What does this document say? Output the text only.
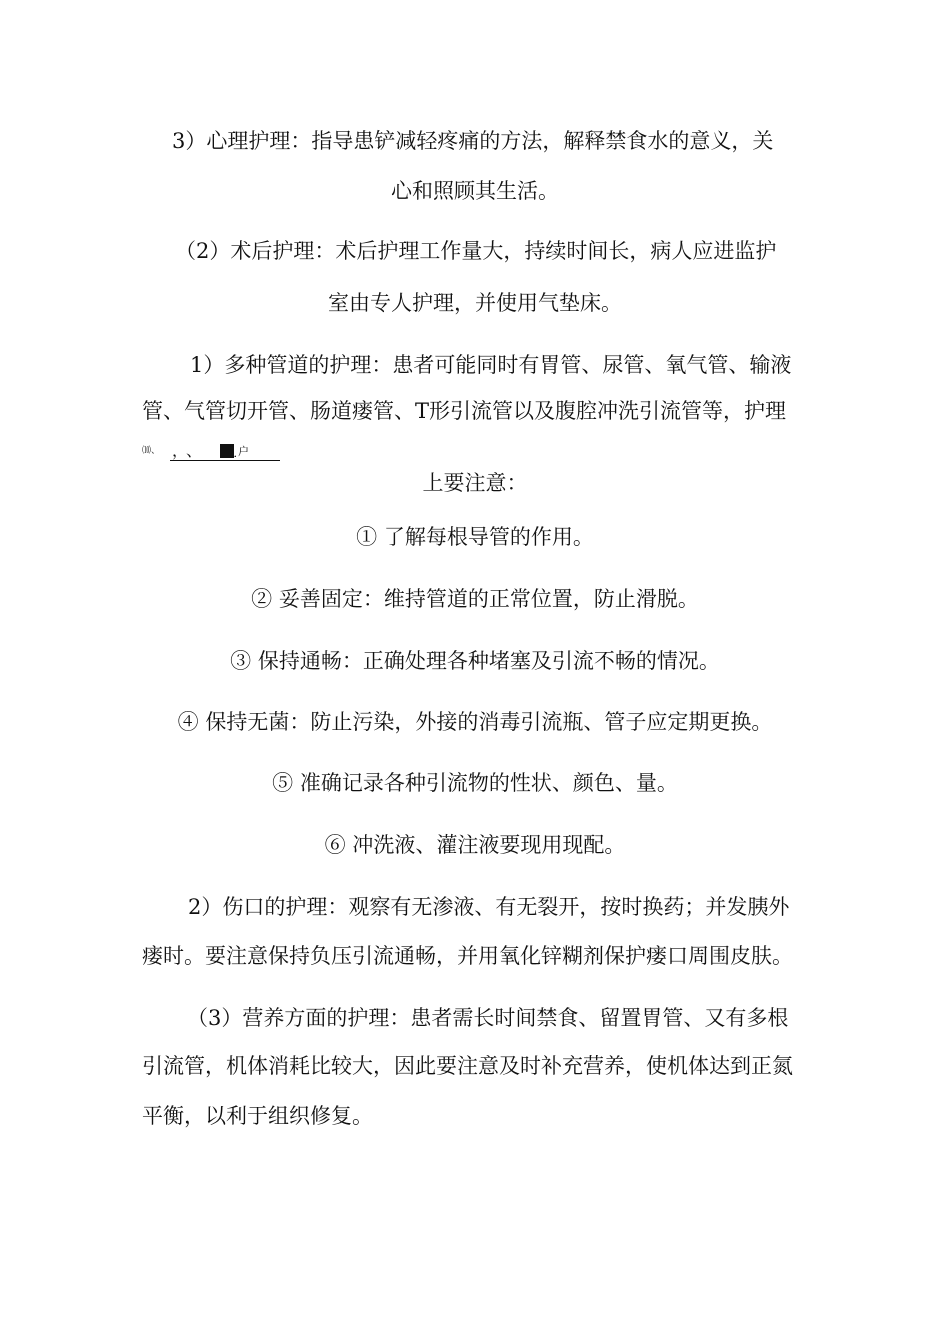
3）心理护理：指导患铲减轻疼痛的方法，解释禁食水的意义，关
心和照顾其生活。
（2）术后护理：术后护理工作量大，持续时间长，病人应进监护
室由专人护理，并使用气垫床。
1）多种管道的护理：患者可能同时有胃管、尿管、氧气管、输液
管、气管切开管、肠道瘘管、T形引流管以及腹腔冲洗引流管等，护理
⑽、 ，、	̣̣̣户
上要注意：
① 了解每根导管的作用。
② 妥善固定：维持管道的正常位置，防止滑脱。
③ 保持通畅：正确处理各种堵塞及引流不畅的情况。
④ 保持无菌：防止污染，外接的消毒引流瓶、管子应定期更换。
⑤ 准确记录各种引流物的性状、颜色、量。
⑥ 冲洗液、灌注液要现用现配。
2）伤口的护理：观察有无渗液、有无裂开，按时换药；并发胰外
瘘时。要注意保持负压引流通畅，并用氧化锌糊剂保护瘘口周围皮肤。
（3）营养方面的护理：患者需长时间禁食、留置胃管、又有多根
引流管，机体消耗比较大，因此要注意及时补充营养，使机体达到正氮
平衡，以利于组织修复。
